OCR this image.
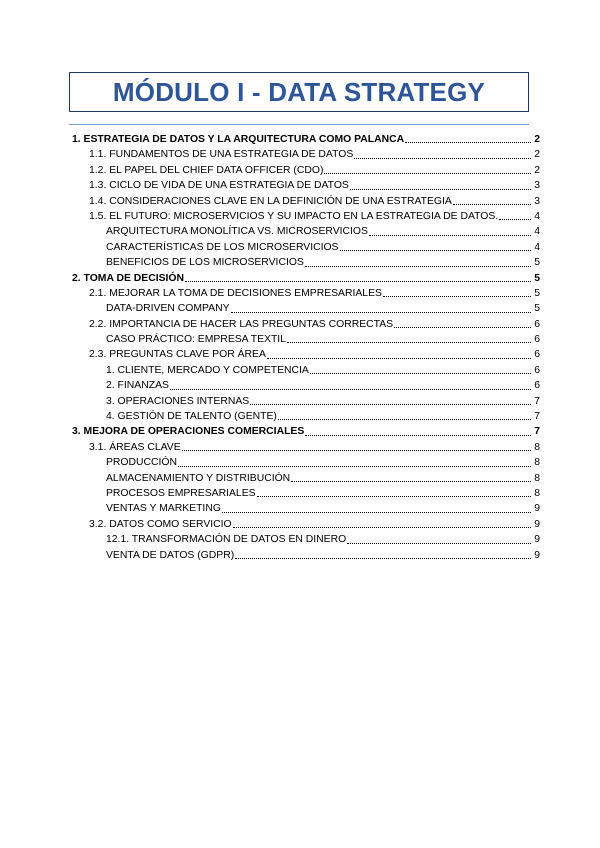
MÓDULO I - DATA STRATEGY
1. ESTRATEGIA DE DATOS Y LA ARQUITECTURA COMO PALANCA	2
1.1. FUNDAMENTOS DE UNA ESTRATEGIA DE DATOS	2
1.2. EL PAPEL DEL CHIEF DATA OFFICER (CDO)	2
1.3. CICLO DE VIDA DE UNA ESTRATEGIA DE DATOS	3
1.4. CONSIDERACIONES CLAVE EN LA DEFINICIÓN DE UNA ESTRATEGIA	3
1.5. EL FUTURO: MICROSERVICIOS Y SU IMPACTO EN LA ESTRATEGIA DE DATOS.	4
ARQUITECTURA MONOLÍTICA VS. MICROSERVICIOS	4
CARACTERÍSTICAS DE LOS MICROSERVICIOS	4
BENEFICIOS DE LOS MICROSERVICIOS	5
2. TOMA DE DECISIÓN	5
2.1. MEJORAR LA TOMA DE DECISIONES EMPRESARIALES	5
DATA-DRIVEN COMPANY	5
2.2. IMPORTANCIA DE HACER LAS PREGUNTAS CORRECTAS	6
CASO PRÁCTICO: EMPRESA TEXTIL	6
2.3. PREGUNTAS CLAVE POR ÁREA	6
1. CLIENTE, MERCADO Y COMPETENCIA	6
2. FINANZAS	6
3. OPERACIONES INTERNAS	7
4. GESTIÓN DE TALENTO (GENTE)	7
3. MEJORA DE OPERACIONES COMERCIALES	7
3.1. ÁREAS CLAVE	8
PRODUCCIÓN	8
ALMACENAMIENTO Y DISTRIBUCIÓN	8
PROCESOS EMPRESARIALES	8
VENTAS Y MARKETING	9
3.2. DATOS COMO SERVICIO	9
12.1. TRANSFORMACIÓN DE DATOS EN DINERO	9
VENTA DE DATOS (GDPR)	9
